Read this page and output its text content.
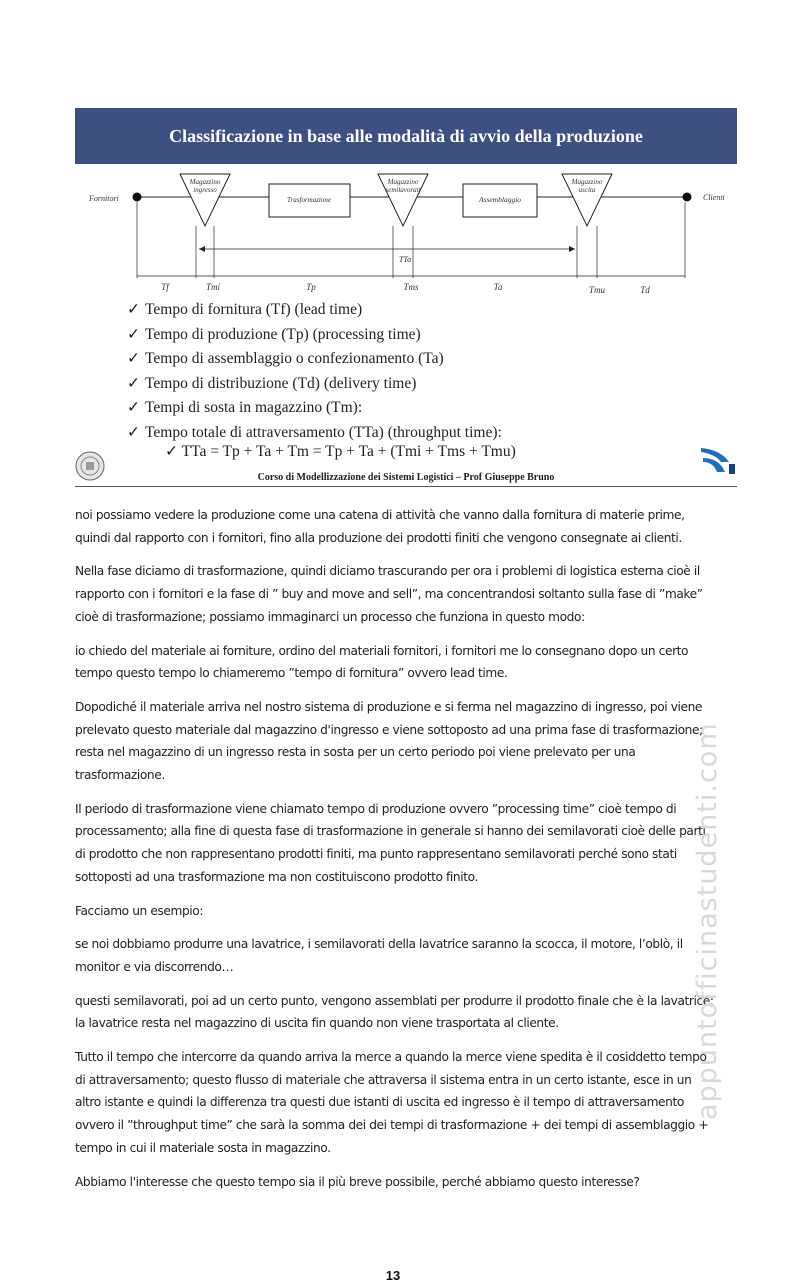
Classificazione in base alle modalità di avvio della produzione
Fornitori	Clienti
Magazzino
ingresso
Magazzino
semilavorati
Magazzino
uscita
Trasformazione	Assemblaggio
TTa
Tf	Tmi	Tp	Tms	Ta	Tmu	Td
✓ Tempo di fornitura (Tf) (lead time)
✓ Tempo di produzione (Tp) (processing time)
✓ Tempo di assemblaggio o confezionamento (Ta)
✓ Tempo di distribuzione (Td) (delivery time)
✓ Tempi di sosta in magazzino (Tm):
✓ Tempo totale di attraversamento (TTa) (throughput time):
✓ TTa = Tp + Ta + Tm = Tp + Ta + (Tmi + Tms + Tmu)
Corso di Modellizzazione dei Sistemi Logistici – Prof Giuseppe Bruno

noi possiamo vedere la produzione come una catena di attività che vanno dalla fornitura di materie prime, quindi dal rapporto con i fornitori, fino alla produzione dei prodotti finiti che vengono consegnate ai clienti.

Nella fase diciamo di trasformazione, quindi diciamo trascurando per ora i problemi di logistica esterna cioè il rapporto con i fornitori e la fase di ” buy and move and sell”, ma concentrandosi soltanto sulla fase di ”make” cioè di trasformazione; possiamo immaginarci un processo che funziona in questo modo:

io chiedo del materiale ai forniture, ordino del materiali fornitori, i fornitori me lo consegnano dopo un certo tempo questo tempo lo chiameremo ”tempo di fornitura” ovvero lead time.

Dopodiché il materiale arriva nel nostro sistema di produzione e si ferma nel magazzino di ingresso, poi viene prelevato questo materiale dal magazzino d'ingresso e viene sottoposto ad una prima fase di trasformazione; resta nel magazzino di un ingresso resta in sosta per un certo periodo poi viene prelevato per una trasformazione.

Il periodo di trasformazione viene chiamato tempo di produzione ovvero ”processing time” cioè tempo di processamento; alla fine di questa fase di trasformazione in generale si hanno dei semilavorati cioè delle parti di prodotto che non rappresentano prodotti finiti, ma punto rappresentano semilavorati perché sono stati sottoposti ad una trasformazione ma non costituiscono prodotto finito.

Facciamo un esempio:

se noi dobbiamo produrre una lavatrice, i semilavorati della lavatrice saranno la scocca, il motore, l’oblò, il monitor e via discorrendo…

questi semilavorati, poi ad un certo punto, vengono assemblati per produrre il prodotto finale che è la lavatrice; la lavatrice resta nel magazzino di uscita fin quando non viene trasportata al cliente.

Tutto il tempo che intercorre da quando arriva la merce a quando la merce viene spedita è il cosiddetto tempo di attraversamento; questo flusso di materiale che attraversa il sistema entra in un certo istante, esce in un altro istante e quindi la differenza tra questi due istanti di uscita ed ingresso è il tempo di attraversamento ovvero il ”throughput time” che sarà la somma dei dei tempi di trasformazione + dei tempi di assemblaggio + tempo in cui il materiale sosta in magazzino.

Abbiamo l'interesse che questo tempo sia il più breve possibile, perché abbiamo questo interesse?

appuntofficinastudenti.com
13
